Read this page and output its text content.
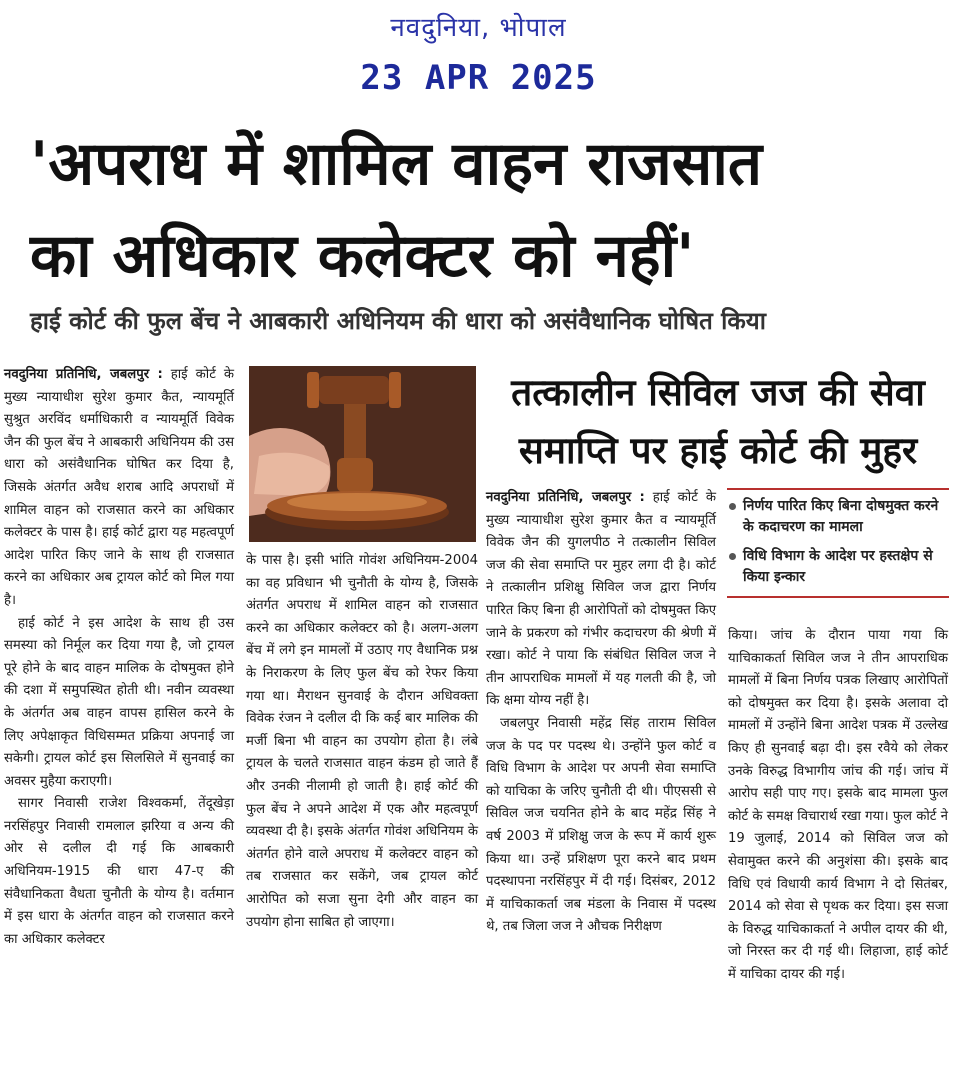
नवदुनिया, भोपाल
23 APR 2025
'अपराध में शामिल वाहन राजसात
का अधिकार कलेक्टर को नहीं'
हाई कोर्ट की फुल बेंच ने आबकारी अधिनियम की धारा को असंवैधानिक घोषित किया

नवदुनिया प्रतिनिधि, जबलपुर : हाई कोर्ट के मुख्य न्यायाधीश सुरेश कुमार कैत, न्यायमूर्ति सुश्रुत अरविंद धर्माधिकारी व न्यायमूर्ति विवेक जैन की फुल बेंच ने आबकारी अधिनियम की उस धारा को असंवैधानिक घोषित कर दिया है, जिसके अंतर्गत अवैध शराब आदि अपराधों में शामिल वाहन को राजसात करने का अधिकार कलेक्टर के पास है। हाई कोर्ट द्वारा यह महत्वपूर्ण आदेश पारित किए जाने के साथ ही राजसात करने का अधिकार अब ट्रायल कोर्ट को मिल गया है।

हाई कोर्ट ने इस आदेश के साथ ही उस समस्या को निर्मूल कर दिया गया है, जो ट्रायल पूरे होने के बाद वाहन मालिक के दोषमुक्त होने की दशा में समुपस्थित होती थी। नवीन व्यवस्था के अंतर्गत अब वाहन वापस हासिल करने के लिए अपेक्षाकृत विधिसम्मत प्रक्रिया अपनाई जा सकेगी। ट्रायल कोर्ट इस सिलसिले में सुनवाई का अवसर मुहैया कराएगी।

सागर निवासी राजेश विश्वकर्मा, तेंदूखेड़ा नरसिंहपुर निवासी रामलाल झरिया व अन्य की ओर से दलील दी गई कि आबकारी अधिनियम-1915 की धारा 47-ए की संवैधानिकता वैधता चुनौती के योग्य है। वर्तमान में इस धारा के अंतर्गत वाहन को राजसात करने का अधिकार कलेक्टर

के पास है। इसी भांति गोवंश अधिनियम-2004 का वह प्रविधान भी चुनौती के योग्य है, जिसके अंतर्गत अपराध में शामिल वाहन को राजसात करने का अधिकार कलेक्टर को है। अलग-अलग बेंच में लगे इन मामलों में उठाए गए वैधानिक प्रश्न के निराकरण के लिए फुल बेंच को रेफर किया गया था। मैराथन सुनवाई के दौरान अधिवक्ता विवेक रंजन ने दलील दी कि कई बार मालिक की मर्जी बिना भी वाहन का उपयोग होता है। लंबे ट्रायल के चलते राजसात वाहन कंडम हो जाते हैं और उनकी नीलामी हो जाती है। हाई कोर्ट की फुल बेंच ने अपने आदेश में एक और महत्वपूर्ण व्यवस्था दी है। इसके अंतर्गत गोवंश अधिनियम के अंतर्गत होने वाले अपराध में कलेक्टर वाहन को तब राजसात कर सकेंगे, जब ट्रायल कोर्ट आरोपित को सजा सुना देगी और वाहन का उपयोग होना साबित हो जाएगा।

तत्कालीन सिविल जज की सेवा
समाप्ति पर हाई कोर्ट की मुहर

नवदुनिया प्रतिनिधि, जबलपुर : हाई कोर्ट के मुख्य न्यायाधीश सुरेश कुमार कैत व न्यायमूर्ति विवेक जैन की युगलपीठ ने तत्कालीन सिविल जज की सेवा समाप्ति पर मुहर लगा दी है। कोर्ट ने तत्कालीन प्रशिक्षु सिविल जज द्वारा निर्णय पारित किए बिना ही आरोपितों को दोषमुक्त किए जाने के प्रकरण को गंभीर कदाचरण की श्रेणी में रखा। कोर्ट ने पाया कि संबंधित सिविल जज ने तीन आपराधिक मामलों में यह गलती की है, जो कि क्षमा योग्य नहीं है।

जबलपुर निवासी महेंद्र सिंह ताराम सिविल जज के पद पर पदस्थ थे। उन्होंने फुल कोर्ट व विधि विभाग के आदेश पर अपनी सेवा समाप्ति को याचिका के जरिए चुनौती दी थी। पीएससी से सिविल जज चयनित होने के बाद महेंद्र सिंह ने वर्ष 2003 में प्रशिक्षु जज के रूप में कार्य शुरू किया था। उन्हें प्रशिक्षण पूरा करने बाद प्रथम पदस्थापना नरसिंहपुर में दी गई। दिसंबर, 2012 में याचिकाकर्ता जब मंडला के निवास में पदस्थ थे, तब जिला जज ने औचक निरीक्षण

निर्णय पारित किए बिना दोषमुक्त करने के कदाचरण का मामला
विधि विभाग के आदेश पर हस्तक्षेप से किया इन्कार

किया। जांच के दौरान पाया गया कि याचिकाकर्ता सिविल जज ने तीन आपराधिक मामलों में बिना निर्णय पत्रक लिखाए आरोपितों को दोषमुक्त कर दिया है। इसके अलावा दो मामलों में उन्होंने बिना आदेश पत्रक में उल्लेख किए ही सुनवाई बढ़ा दी। इस रवैये को लेकर उनके विरुद्ध विभागीय जांच की गई। जांच में आरोप सही पाए गए। इसके बाद मामला फुल कोर्ट के समक्ष विचारार्थ रखा गया। फुल कोर्ट ने 19 जुलाई, 2014 को सिविल जज को सेवामुक्त करने की अनुशंसा की। इसके बाद विधि एवं विधायी कार्य विभाग ने दो सितंबर, 2014 को सेवा से पृथक कर दिया। इस सजा के विरुद्ध याचिकाकर्ता ने अपील दायर की थी, जो निरस्त कर दी गई थी। लिहाजा, हाई कोर्ट में याचिका दायर की गई।
